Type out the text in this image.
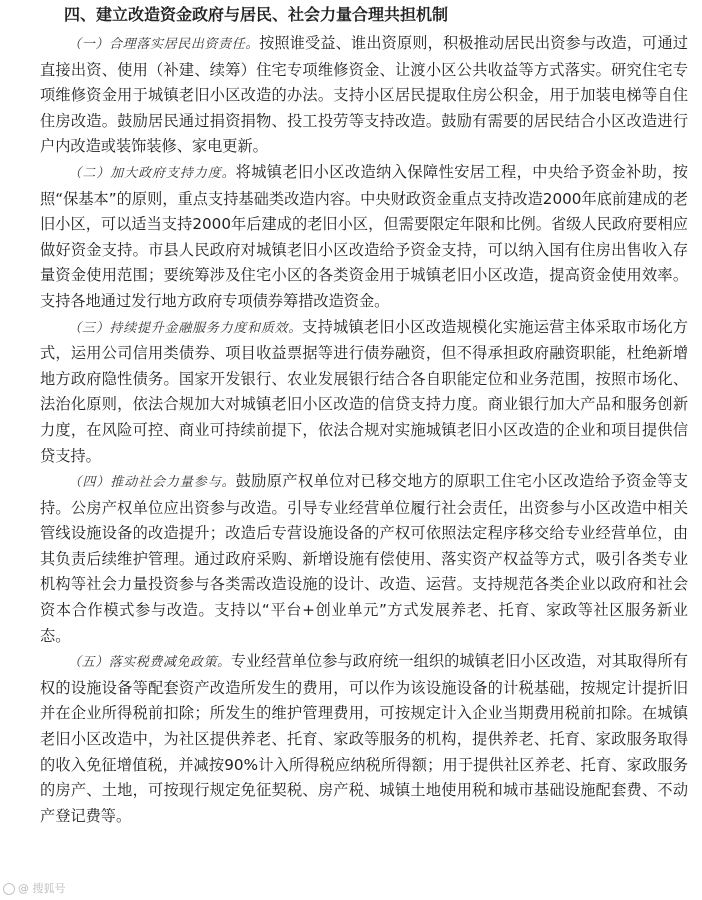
四、建立改造资金政府与居民、社会力量合理共担机制

（一）合理落实居民出资责任。按照谁受益、谁出资原则，积极推动居民出资参与改造，可通过直接出资、使用（补建、续筹）住宅专项维修资金、让渡小区公共收益等方式落实。研究住宅专项维修资金用于城镇老旧小区改造的办法。支持小区居民提取住房公积金，用于加装电梯等自住住房改造。鼓励居民通过捐资捐物、投工投劳等支持改造。鼓励有需要的居民结合小区改造进行户内改造或装饰装修、家电更新。

（二）加大政府支持力度。将城镇老旧小区改造纳入保障性安居工程，中央给予资金补助，按照“保基本”的原则，重点支持基础类改造内容。中央财政资金重点支持改造2000年底前建成的老旧小区，可以适当支持2000年后建成的老旧小区，但需要限定年限和比例。省级人民政府要相应做好资金支持。市县人民政府对城镇老旧小区改造给予资金支持，可以纳入国有住房出售收入存量资金使用范围；要统筹涉及住宅小区的各类资金用于城镇老旧小区改造，提高资金使用效率。支持各地通过发行地方政府专项债券筹措改造资金。

（三）持续提升金融服务力度和质效。支持城镇老旧小区改造规模化实施运营主体采取市场化方式，运用公司信用类债券、项目收益票据等进行债券融资，但不得承担政府融资职能，杜绝新增地方政府隐性债务。国家开发银行、农业发展银行结合各自职能定位和业务范围，按照市场化、法治化原则，依法合规加大对城镇老旧小区改造的信贷支持力度。商业银行加大产品和服务创新力度，在风险可控、商业可持续前提下，依法合规对实施城镇老旧小区改造的企业和项目提供信贷支持。

（四）推动社会力量参与。鼓励原产权单位对已移交地方的原职工住宅小区改造给予资金等支持。公房产权单位应出资参与改造。引导专业经营单位履行社会责任，出资参与小区改造中相关管线设施设备的改造提升；改造后专营设施设备的产权可依照法定程序移交给专业经营单位，由其负责后续维护管理。通过政府采购、新增设施有偿使用、落实资产权益等方式，吸引各类专业机构等社会力量投资参与各类需改造设施的设计、改造、运营。支持规范各类企业以政府和社会资本合作模式参与改造。支持以“平台+创业单元”方式发展养老、托育、家政等社区服务新业态。

（五）落实税费减免政策。专业经营单位参与政府统一组织的城镇老旧小区改造，对其取得所有权的设施设备等配套资产改造所发生的费用，可以作为该设施设备的计税基础，按规定计提折旧并在企业所得税前扣除；所发生的维护管理费用，可按规定计入企业当期费用税前扣除。在城镇老旧小区改造中，为社区提供养老、托育、家政等服务的机构，提供养老、托育、家政服务取得的收入免征增值税，并减按90%计入所得税应纳税所得额；用于提供社区养老、托育、家政服务的房产、土地，可按现行规定免征契税、房产税、城镇土地使用税和城市基础设施配套费、不动产登记费等。

@ 搜狐号
